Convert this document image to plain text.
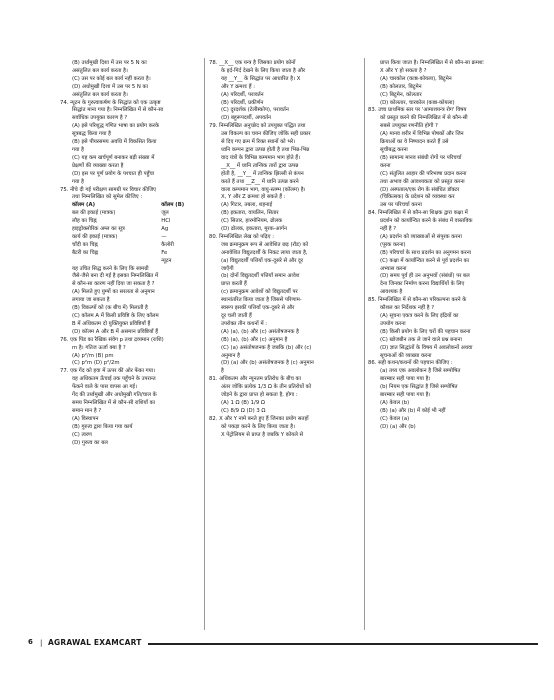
(B) उर्ध्वमुखी दिशा में उस पर 5 N का
असंतुलित बल कार्य करता है।
(C) उस पर कोई बल कार्य नहीं करता है।
(D) अधोमुखी दिशा में उस पर 5 N का
असंतुलित बल कार्य करता है।
74. न्यूटन के गुरुत्वाकर्षण के सिद्धांत को एक उत्कृष्ट
सिद्धांत माना गया है। निम्नलिखित में से कौन-सा
सर्वाधिक उपयुक्त कारण है ?
(A) इसे परिशुद्ध गणित भाषा का प्रयोग करके
सूत्रबद्ध किया गया है
(B) इसे पीयरसमय अवधि में विकसित किया
गया है
(C) यह कम खर्चपूर्ण बनाकर बड़ी संख्या में
प्रेक्षणों की व्याख्या करता है
(D) इस पर पूर्ण प्रयोग के पश्चात ही पहुँचा
गया है
75. नीचे दी गई परीक्षण सामग्री पर विचार कीजिए
तथा निम्नलिखित को सुमेल कीजिए :
कॉलम (A)	कॉलम (B)
बल की इकाई (मात्रक)	जूल
लौह का चिह्न	HCl
हाइड्रोक्लोरिक अम्ल का सूत्र	Ag
कार्य की इकाई (मात्रक)	—
चाँदी का चिह्न	कैलोरी
बैटरी का चिह्न	Fe
	न्यूटन
यह उचित सिद्ध करने के लिए कि सामग्री
जैसे-जैसे बना दी गई है इसका निम्नलिखित में
से कौन-सा कारण नहीं दिया जा सकता है ?
(A) मिलते हुए युग्मों का सरलता से अनुमान
लगाया जा सकता है
(B) विकल्पों को (क बीच में) मिलाती है
(C) कॉलम A में किसी प्रविष्टि के लिए कॉलम
B में अधिकतम दो युक्तियुक्त प्रविष्टियाँ हैं
(D) कॉलम A और B में असमान प्रविष्टियाँ हैं
76. एक पिंड का रैखिक संवेग p तथा द्रव्यमान (राशि)
m है। गतिज ऊर्जा क्या है ?
(A) p²/m (B) pm
(C) p²m (D) p²/2m
77. एक गेंद को हवा में ऊपर की ओर फेंका गया।
वह अधिकतम ऊँचाई तक पहुँचने के उपरान्त
फेंकने वाले के पास वापस आ गई।
गेंद की उर्ध्वमुखी और अधोमुखी गति/चाल के
समय निम्नलिखित में से कौन-सी राशियाँ का
समान मान है ?
(A) विस्थापन
(B) गुरुत्व द्वारा किया गया कार्य
(C) त्वरण
(D) गुरुत्व का बल
78. __X__ एक यन्त्र है जिसका प्रयोग कोनों
के इर्द-गिर्द देखने के लिए किया जाता है और
यह __Y__ के सिद्धांत पर आधारित है। X
और Y क्रमशः हैं :
(A) परिदर्शी, परावर्तन
(B) परिदर्शी, प्रकीर्णन
(C) दूरदर्शक (टेलीस्कोप), परावर्तन
(D) बहुरूपदर्शी, अपवर्तन
79. निम्नलिखित अनुच्छेद को उपयुक्त पद्धित तथा
उस विकल्प का चयन कीजिए जोकि सही प्रकार
से दिए गए क्रम में रिक्त स्थानों को भरे।
ध्वनि कम्पन द्वारा उत्पन्न होती है तथा भिन्न-भिन्न
वाद यंत्रों के विभिन्न कम्पमान भाग होते हैं।
__X__ में ध्वनि तान्त्रिक तारों द्वारा उत्पन्न
होती है, __Y__ में तान्त्रिक झिल्ली से कंपन
करते हैं तथा __Z__ में ध्वनि उत्पन्न करने
वाला कम्पमान भाग, वायु-स्तम्भ (कॉलम) है।
X, Y और Z क्रमशः हो सकते हैं :
(A) गिटार, तबला, शहनाई
(B) इकतारा, वायलिन, सितार
(C) सितार, हारमोनियम, ढोलक
(D) ढोलक, इकतारा, मुरक-आर्गन
80. निम्नलिखित लेख को पढ़िए :
जब क्रमानुक्रम रूप से आवेशित छड़ (रॉड) को
अनावेशित विद्युतदर्शी के निकट लाया जाता है,
(a) विद्युतदर्शी पत्तियों एक-दूसरे से और दूर
जाएँगी
(b) दोनों विद्युतदर्शी पत्तियाँ समान आवेश
प्राप्त करती हैं
(c) क्रमानुक्रम आवेशों को विद्युतदर्शी पर
स्थानांतरित किया जाता है जिससे परिणाम-
स्वरूप इसकी पत्तियाँ एक-दूसरे से और
दूर चली जाती हैं
उपरोक्त तीन कथनों में :
(A) (a), (b) और (c) असंतोषजनक है
(B) (a), (b) और (c) अनुमान है
(C) (a) असंतोषजनक है जबकि (b) और (c)
अनुमान है
(D) (a) और (b) असंतोषजनक है (c) अनुमान
है
81. अधिकतम और न्यूनतम प्रतिरोध के बीच का
अंतर जोकि प्रत्येक 1/3 Ω के तीन प्रतिरोधों को
जोड़ने के द्वारा प्राप्त हो सकता है, होगा :
(A) 1 Ω (B) 1/9 Ω
(C) 8/9 Ω (D) 3 Ω
82. X और Y नामे बनते हुए हैं जिनका प्रयोग सतहों
को पकड़ा करने के लिए किया जाता है।
X पेट्रोलियम से प्राप्त है जबकि Y कोयले से
प्राप्त किया जाता है। निम्नलिखित में से कौन-सा क्रमशः
X और Y हो सकता है ?
(A) चारकोल (काष्ठ-कोयला), बिटुमेन
(B) कोलतार, बिटुमेन
(C) बिटुमेन, कोलतार
(D) कोलतार, चारकोल (काष्ठ-कोयला)
83. उच्च प्राथमिक स्तर पर 'आमाशयन्त्र रोग' विषय
को प्रस्तुत करने की निम्नलिखित में से कौन-सी
सबसे उपयुक्त रणनीति होगी ?
(A) मानव शरीर में विभिन्न पोषकों और जिन
क्रियाओं का वे निष्पादन करते हैं उसे
सूचीबद्ध करना
(B) सामान्य मानव संबंधी रोगों पर परिचर्चा
करना
(C) संतुलित आहार की परिभाषा प्रदान करना
तथा अभाव की आवश्यकता को प्रस्तुत करना
(D) अस्पताल/एक रोग के संबंधित डॉक्टर
(चिकित्सक) के प्रदेशन को व्यवस्था कर
उस पर परिचर्चा करना
84. निम्नलिखित में से कौन-सा शिक्षक द्वारा कक्षा में
प्रदर्शन को कार्यान्वित करने के संबंध में वास्तविक
नहीं है ?
(A) प्रदर्शन को व्याख्याओं से संपूरक करना
(पूरक करना)
(B) परिचर्चा के साथ प्रदर्शन का अनुगमन करना
(C) कक्षा में कार्यान्वित करने से पूर्व प्रदर्शन का
अभ्यास करना
(D) समय पूर्व ही उन अनुभवों (संबंधों) पर बल
देना जिनका निर्माण करना विद्यार्थियों के लिए
आवश्यक है
85. निम्नलिखित में से कौन-सा परिकल्पना करने के
कौशल का निर्देशक नहीं है ?
(A) सूचना एकत्र करने के लिए इंद्रियों का
उपयोग करना
(B) किसी प्रयोग के लिए चरों की पहचान करना
(C) खोजबीन तक ले जाने वाले प्रश्न बनाना
(D) ज्ञात सिद्धांतों के विषय में अवलोकनों अथवा
सूचनाओं की व्याख्या करना
86. सही कथन/कथनों की पहचान कीजिए :
(a) तथ्य एक अवलोकन है जिसे सम्पोषित
बारम्बार सही पाया गया है।
(b) नियम एक सिद्धांत है जिसे सम्पोषित
बारम्बार सही पाया गया है।
(A) केवल (b)
(B) (a) और (b) में कोई भी नहीं
(C) केवल (a)
(D) (a) और (b)
6 | AGRAWAL EXAMCART
